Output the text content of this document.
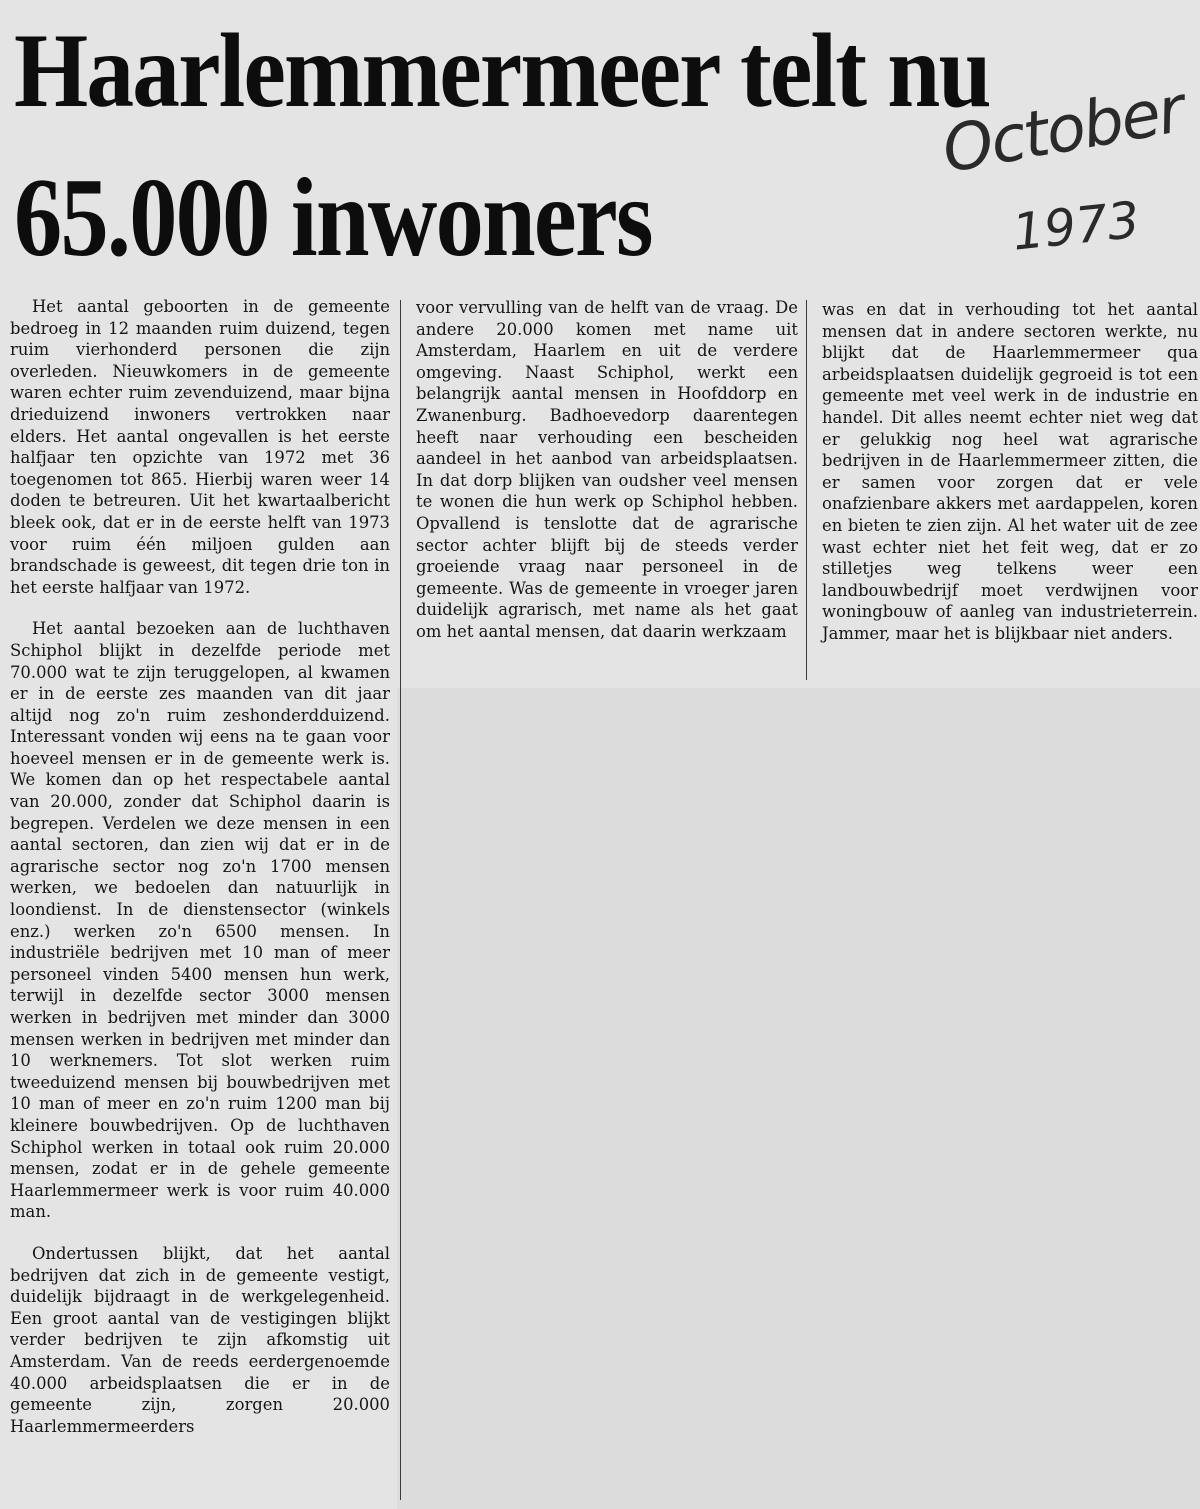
Haarlemmermeer telt nu
65.000 inwoners
October
1973

Het aantal geboorten in de gemeente bedroeg in 12 maanden ruim duizend, tegen ruim vierhonderd personen die zijn overleden. Nieuwkomers in de gemeente waren echter ruim zevenduizend, maar bijna drieduizend inwoners vertrokken naar elders. Het aantal ongevallen is het eerste halfjaar ten opzichte van 1972 met 36 toegenomen tot 865. Hierbij waren weer 14 doden te betreuren. Uit het kwartaalbericht bleek ook, dat er in de eerste helft van 1973 voor ruim één miljoen gulden aan brandschade is geweest, dit tegen drie ton in het eerste halfjaar van 1972.

Het aantal bezoeken aan de luchthaven Schiphol blijkt in dezelfde periode met 70.000 wat te zijn teruggelopen, al kwamen er in de eerste zes maanden van dit jaar altijd nog zo'n ruim zeshonderdduizend. Interessant vonden wij eens na te gaan voor hoeveel mensen er in de gemeente werk is. We komen dan op het respectabele aantal van 20.000, zonder dat Schiphol daarin is begrepen. Verdelen we deze mensen in een aantal sectoren, dan zien wij dat er in de agrarische sector nog zo'n 1700 mensen werken, we bedoelen dan natuurlijk in loondienst. In de dienstensector (winkels enz.) werken zo'n 6500 mensen. In industriële bedrijven met 10 man of meer personeel vinden 5400 mensen hun werk, terwijl in dezelfde sector 3000 mensen werken in bedrijven met minder dan 3000 mensen werken in bedrijven met minder dan 10 werknemers. Tot slot werken ruim tweeduizend mensen bij bouwbedrijven met 10 man of meer en zo'n ruim 1200 man bij kleinere bouwbedrijven. Op de luchthaven Schiphol werken in totaal ook ruim 20.000 mensen, zodat er in de gehele gemeente Haarlemmermeer werk is voor ruim 40.000 man.

Ondertussen blijkt, dat het aantal bedrijven dat zich in de gemeente vestigt, duidelijk bijdraagt in de werkgelegenheid. Een groot aantal van de vestigingen blijkt verder bedrijven te zijn afkomstig uit Amsterdam. Van de reeds eerdergenoemde 40.000 arbeidsplaatsen die er in de gemeente zijn, zorgen 20.000 Haarlemmermeerders

voor vervulling van de helft van de vraag. De andere 20.000 komen met name uit Amsterdam, Haarlem en uit de verdere omgeving. Naast Schiphol, werkt een belangrijk aantal mensen in Hoofddorp en Zwanenburg. Badhoevedorp daarentegen heeft naar verhouding een bescheiden aandeel in het aanbod van arbeidsplaatsen. In dat dorp blijken van oudsher veel mensen te wonen die hun werk op Schiphol hebben. Opvallend is tenslotte dat de agrarische sector achter blijft bij de steeds verder groeiende vraag naar personeel in de gemeente. Was de gemeente in vroeger jaren duidelijk agrarisch, met name als het gaat om het aantal mensen, dat daarin werkzaam

was en dat in verhouding tot het aantal mensen dat in andere sectoren werkte, nu blijkt dat de Haarlemmermeer qua arbeidsplaatsen duidelijk gegroeid is tot een gemeente met veel werk in de industrie en handel. Dit alles neemt echter niet weg dat er gelukkig nog heel wat agrarische bedrijven in de Haarlemmermeer zitten, die er samen voor zorgen dat er vele onafzienbare akkers met aardappelen, koren en bieten te zien zijn. Al het water uit de zee wast echter niet het feit weg, dat er zo stilletjes weg telkens weer een landbouwbedrijf moet verdwijnen voor woningbouw of aanleg van industrieterrein. Jammer, maar het is blijkbaar niet anders.
